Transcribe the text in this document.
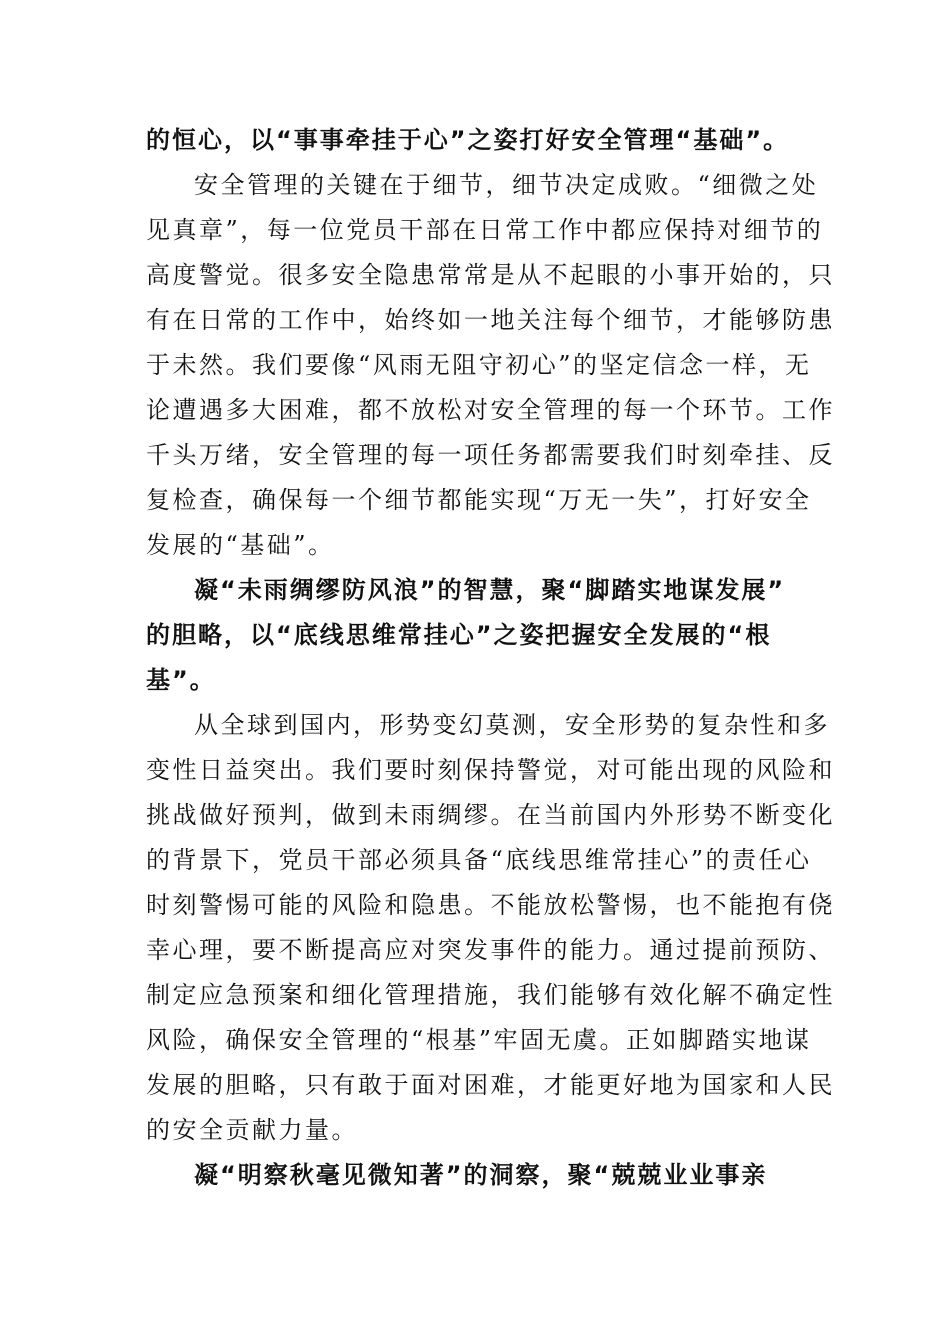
的恒心，以“事事牵挂于心”之姿打好安全管理“基础”。
安全管理的关键在于细节，细节决定成败。“细微之处
见真章”，每一位党员干部在日常工作中都应保持对细节的
高度警觉。很多安全隐患常常是从不起眼的小事开始的，只
有在日常的工作中，始终如一地关注每个细节，才能够防患
于未然。我们要像“风雨无阻守初心”的坚定信念一样，无
论遭遇多大困难，都不放松对安全管理的每一个环节。工作
千头万绪，安全管理的每一项任务都需要我们时刻牵挂、反
复检查，确保每一个细节都能实现“万无一失”，打好安全
发展的“基础”。
凝“未雨绸缪防风浪”的智慧，聚“脚踏实地谋发展”
的胆略，以“底线思维常挂心”之姿把握安全发展的“根
基”。
从全球到国内，形势变幻莫测，安全形势的复杂性和多
变性日益突出。我们要时刻保持警觉，对可能出现的风险和
挑战做好预判，做到未雨绸缪。在当前国内外形势不断变化
的背景下，党员干部必须具备“底线思维常挂心”的责任心
时刻警惕可能的风险和隐患。不能放松警惕，也不能抱有侥
幸心理，要不断提高应对突发事件的能力。通过提前预防、
制定应急预案和细化管理措施，我们能够有效化解不确定性
风险，确保安全管理的“根基”牢固无虞。正如脚踏实地谋
发展的胆略，只有敢于面对困难，才能更好地为国家和人民
的安全贡献力量。
凝“明察秋毫见微知著”的洞察，聚“兢兢业业事亲
